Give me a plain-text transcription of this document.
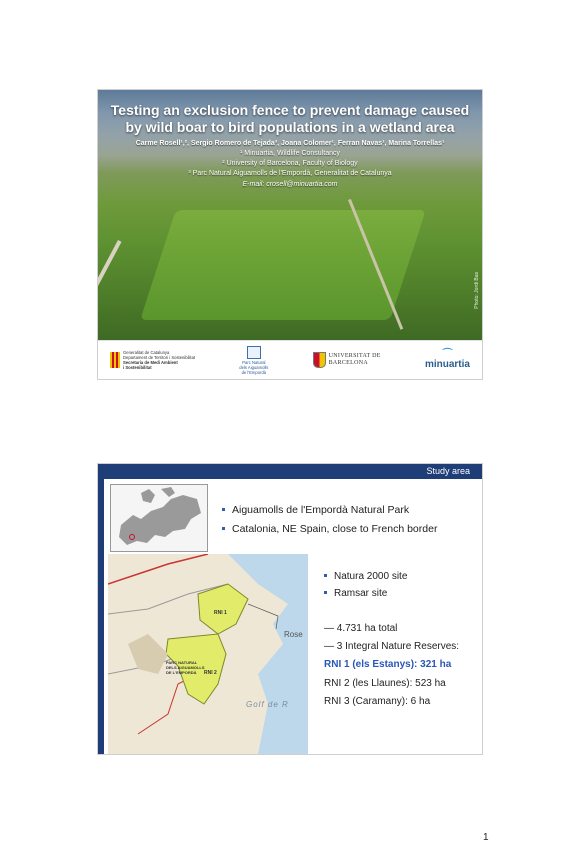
Testing an exclusion fence to prevent damage caused
by wild boar to bird populations in a wetland area
Carme Rosell¹,², Sergio Romero de Tejada³, Joana Colomer¹, Ferran Navas¹, Marina Torrellas¹
¹ Minuartia, Wildlife Consultancy
² University of Barcelona, Faculty of Biology
³ Parc Natural Aiguamolls de l'Empordà, Generalitat de Catalunya
E-mail: crosell@minuartia.com
Photo: Jordi Bas
Generalitat de Catalunya
Departament de Territori i Sostenibilitat
Secretaria de Medi Ambient
i Sostenibilitat
Parc Natural
dels Aiguamolls
de l'Empordà
UNIVERSITAT DE
BARCELONA
⌒
minuartia
Study area
Aiguamolls de l'Empordà Natural Park
Catalonia, NE Spain, close to French border
RNI 1
RNI 2
PARC NATURAL DELS AIGUAMOLLS DE L'EMPORDÀ
Rose
Golf de R
Natura 2000 site
Ramsar site
— 4.731 ha total
— 3 Integral Nature Reserves:
RNI 1 (els Estanys): 321 ha
RNI 2 (les Llaunes): 523 ha
RNI 3 (Caramany): 6 ha
1
